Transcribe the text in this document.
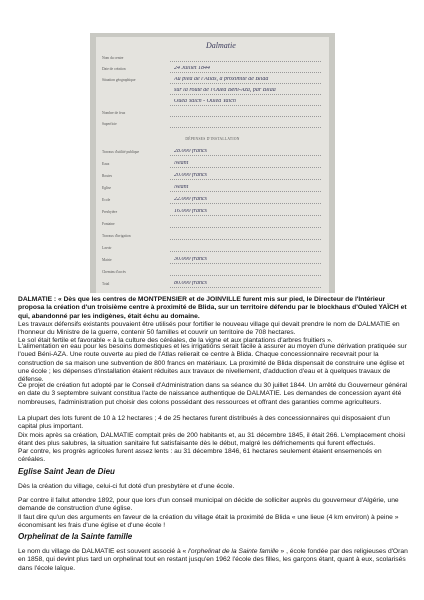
Dalmatie
Nom du centre
Date de création	24 Juillet 1844
Situation géographique	Au pied de l'Atlas, à proximité de Blida
sur la route de l'Oued Béni-Aza, par Blida
Oued Yaïch - Ouled Yaïch
Nombre de feux
Superficie
DÉPENSES D'INSTALLATION
Travaux d'utilité publique	28.000 francs
Eaux	Néant
Routes	20.000 francs
Église	Néant
École	22.000 francs
Presbytère	16.000 francs
Fontaine
Travaux d'irrigation
Lavoir
Mairie	30.000 francs
Chemins d'accès
Total	80.000 francs

DALMATIE : « Dès que les centres de MONTPENSIER et de JOINVILLE furent mis sur pied, le Directeur de l'Intérieur proposa la création d'un troisième centre à proximité de Blida, sur un territoire défendu par le blockhaus d'Ouled YAÏCH et qui, abandonné par les indigènes, était échu au domaine.
Les travaux défensifs existants pouvaient être utilisés pour fortifier le nouveau village qui devait prendre le nom de DALMATIE en l'honneur du Ministre de la guerre, contenir 50 familles et couvrir un territoire de 708 hectares.
Le sol était fertile et favorable « à la culture des céréales, de la vigne et aux plantations d'arbres fruitiers ».

L'alimentation en eau pour les besoins domestiques et les irrigations serait facile à assurer au moyen d'une dérivation pratiquée sur l'oued Béni-AZA. Une route ouverte au pied de l'Atlas relierait ce centre à Blida. Chaque concessionnaire recevrait pour la construction de sa maison une subvention de 800 francs en matériaux. La proximité de Blida dispensait de construire une église et une école ; les dépenses d'installation étaient réduites aux travaux de nivellement, d'adduction d'eau et à quelques travaux de défense.

Ce projet de création fut adopté par le Conseil d'Administration dans sa séance du 30 juillet 1844. Un arrêté du Gouverneur général en date du 3 septembre suivant constitua l'acte de naissance authentique de DALMATIE. Les demandes de concession ayant été nombreuses, l'administration put choisir des colons possédant des ressources et offrant des garanties comme agriculteurs.

La plupart des lots furent de 10 à 12 hectares ; 4 de 25 hectares furent distribués à des concessionnaires qui disposaient d'un capital plus important.
Dix mois après sa création, DALMATIE comptait près de 200 habitants et, au 31 décembre 1845, il était 266. L'emplacement choisi étant des plus salubres, la situation sanitaire fut satisfaisante dès le début, malgré les défrichements qui furent effectués.
Par contre, les progrès agricoles furent assez lents : au 31 décembre 1846, 61 hectares seulement étaient ensemencés en céréales.

Eglise Saint Jean de Dieu

Dès la création du village, celui-ci fut doté d'un presbytère et d'une école.

Par contre il fallut attendre 1892, pour que lors d'un conseil municipal on décide de solliciter auprès du gouverneur d'Algérie, une demande de construction d'une église.
Il faut dire qu'un des arguments en faveur de la création du village était la proximité de Blida « une lieue (4 km environ) à peine » économisant les frais d'une église et d'une école !

Orphelinat de la Sainte famille

Le nom du village de DALMATIE est souvent associé à « l'orphelinat de la Sainte famille » , école fondée par des religieuses d'Oran en 1858, qui devint plus tard un orphelinat tout en restant jusqu'en 1962 l'école des filles, les garçons étant, quant à eux, scolarisés dans l'école laïque.
